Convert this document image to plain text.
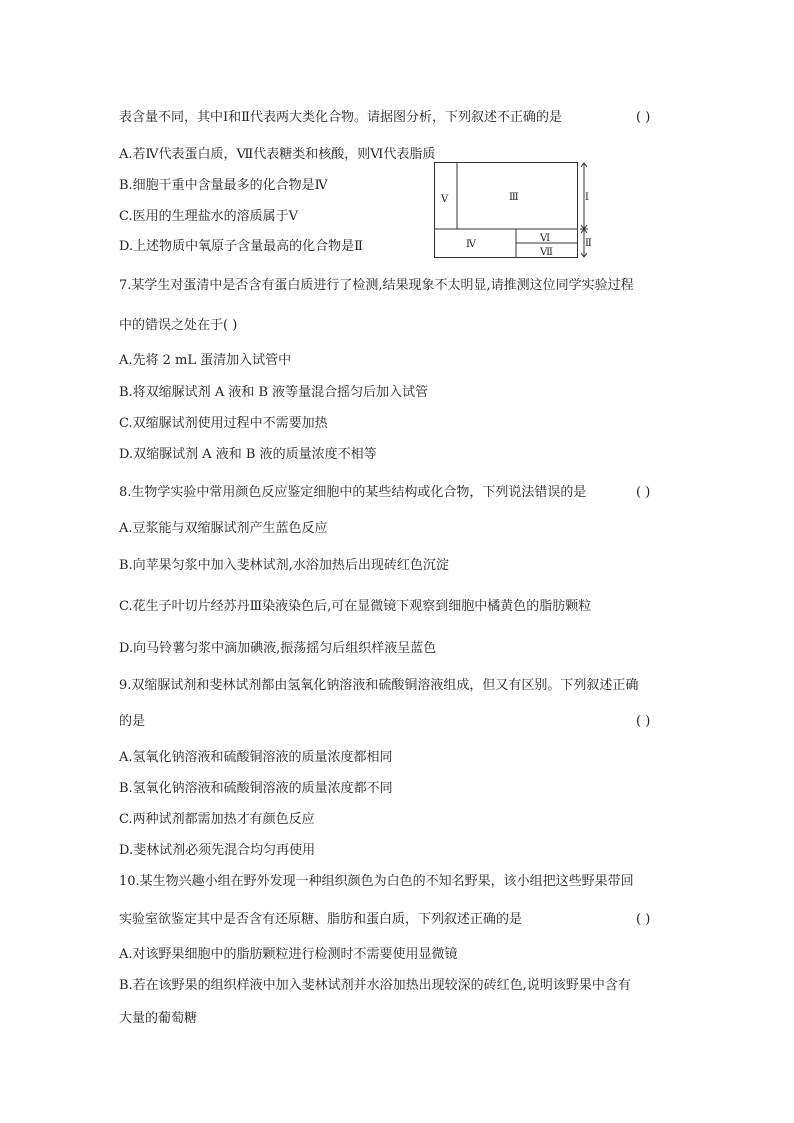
表含量不同，其中Ⅰ和Ⅱ代表两大类化合物。请据图分析，下列叙述不正确的是	( )
A.若Ⅳ代表蛋白质，Ⅶ代表糖类和核酸，则Ⅵ代表脂质
B.细胞干重中含量最多的化合物是Ⅳ
C.医用的生理盐水的溶质属于Ⅴ
D.上述物质中氧原子含量最高的化合物是Ⅱ
Ⅴ	Ⅲ	Ⅰ
Ⅳ
Ⅵ
Ⅶ
Ⅱ
7.某学生对蛋清中是否含有蛋白质进行了检测,结果现象不太明显,请推测这位同学实验过程
中的错误之处在于( )
A.先将 2 mL 蛋清加入试管中
B.将双缩脲试剂 A 液和 B 液等量混合摇匀后加入试管
C.双缩脲试剂使用过程中不需要加热
D.双缩脲试剂 A 液和 B 液的质量浓度不相等
8.生物学实验中常用颜色反应鉴定细胞中的某些结构或化合物，下列说法错误的是	( )
A.豆浆能与双缩脲试剂产生蓝色反应
B.向苹果匀浆中加入斐林试剂,水浴加热后出现砖红色沉淀
C.花生子叶切片经苏丹Ⅲ染液染色后,可在显微镜下观察到细胞中橘黄色的脂肪颗粒
D.向马铃薯匀浆中滴加碘液,振荡摇匀后组织样液呈蓝色
9.双缩脲试剂和斐林试剂都由氢氧化钠溶液和硫酸铜溶液组成，但又有区别。下列叙述正确
的是	( )
A.氢氧化钠溶液和硫酸铜溶液的质量浓度都相同
B.氢氧化钠溶液和硫酸铜溶液的质量浓度都不同
C.两种试剂都需加热才有颜色反应
D.斐林试剂必须先混合均匀再使用
10.某生物兴趣小组在野外发现一种组织颜色为白色的不知名野果，该小组把这些野果带回
实验室欲鉴定其中是否含有还原糖、脂肪和蛋白质，下列叙述正确的是	( )
A.对该野果细胞中的脂肪颗粒进行检测时不需要使用显微镜
B.若在该野果的组织样液中加入斐林试剂并水浴加热出现较深的砖红色,说明该野果中含有
大量的葡萄糖
